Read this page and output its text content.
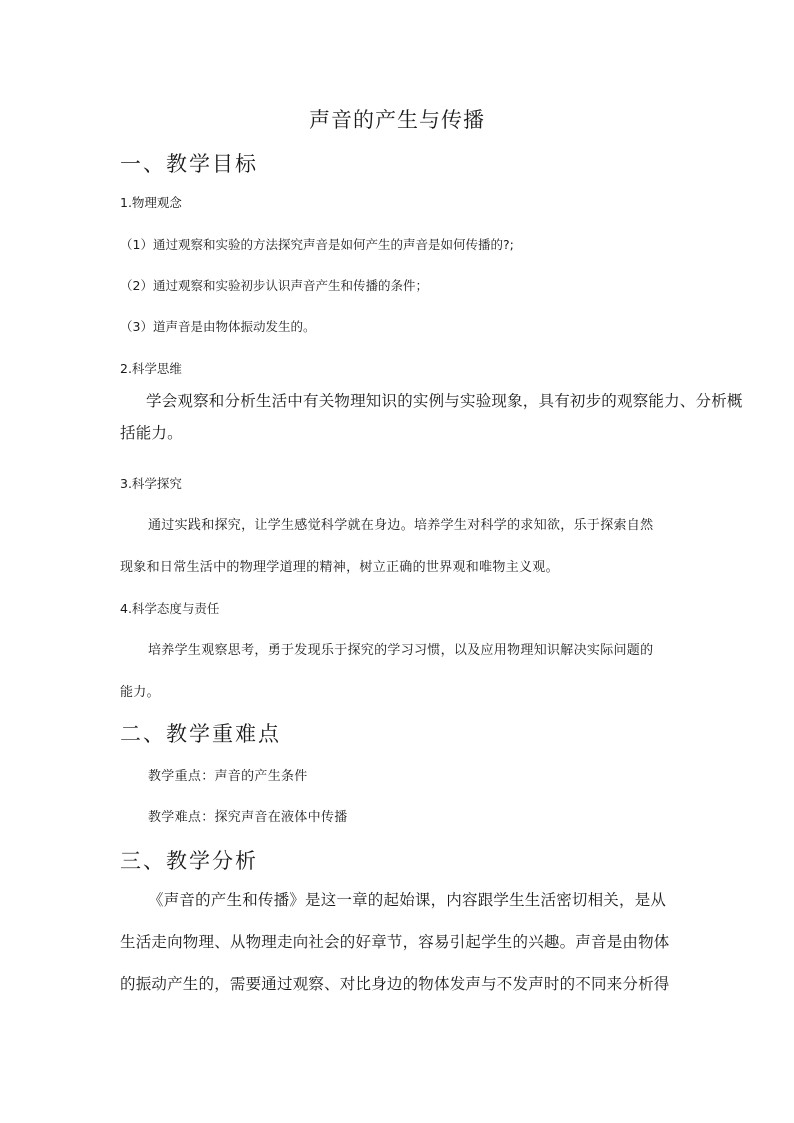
声音的产生与传播
一、教学目标
1.物理观念
（1）通过观察和实验的方法探究声音是如何产生的声音是如何传播的?;
（2）通过观察和实验初步认识声音产生和传播的条件；
（3）道声音是由物体振动发生的。
2.科学思维
学会观察和分析生活中有关物理知识的实例与实验现象，具有初步的观察能力、分析概
括能力。
3.科学探究
通过实践和探究，让学生感觉科学就在身边。培养学生对科学的求知欲，乐于探索自然
现象和日常生活中的物理学道理的精神，树立正确的世界观和唯物主义观。
4.科学态度与责任
培养学生观察思考，勇于发现乐于探究的学习习惯，以及应用物理知识解决实际问题的
能力。
二、教学重难点
教学重点：声音的产生条件
教学难点：探究声音在液体中传播
三、教学分析
《声音的产生和传播》是这一章的起始课，内容跟学生生活密切相关，是从
生活走向物理、从物理走向社会的好章节，容易引起学生的兴趣。声音是由物体
的振动产生的，需要通过观察、对比身边的物体发声与不发声时的不同来分析得
